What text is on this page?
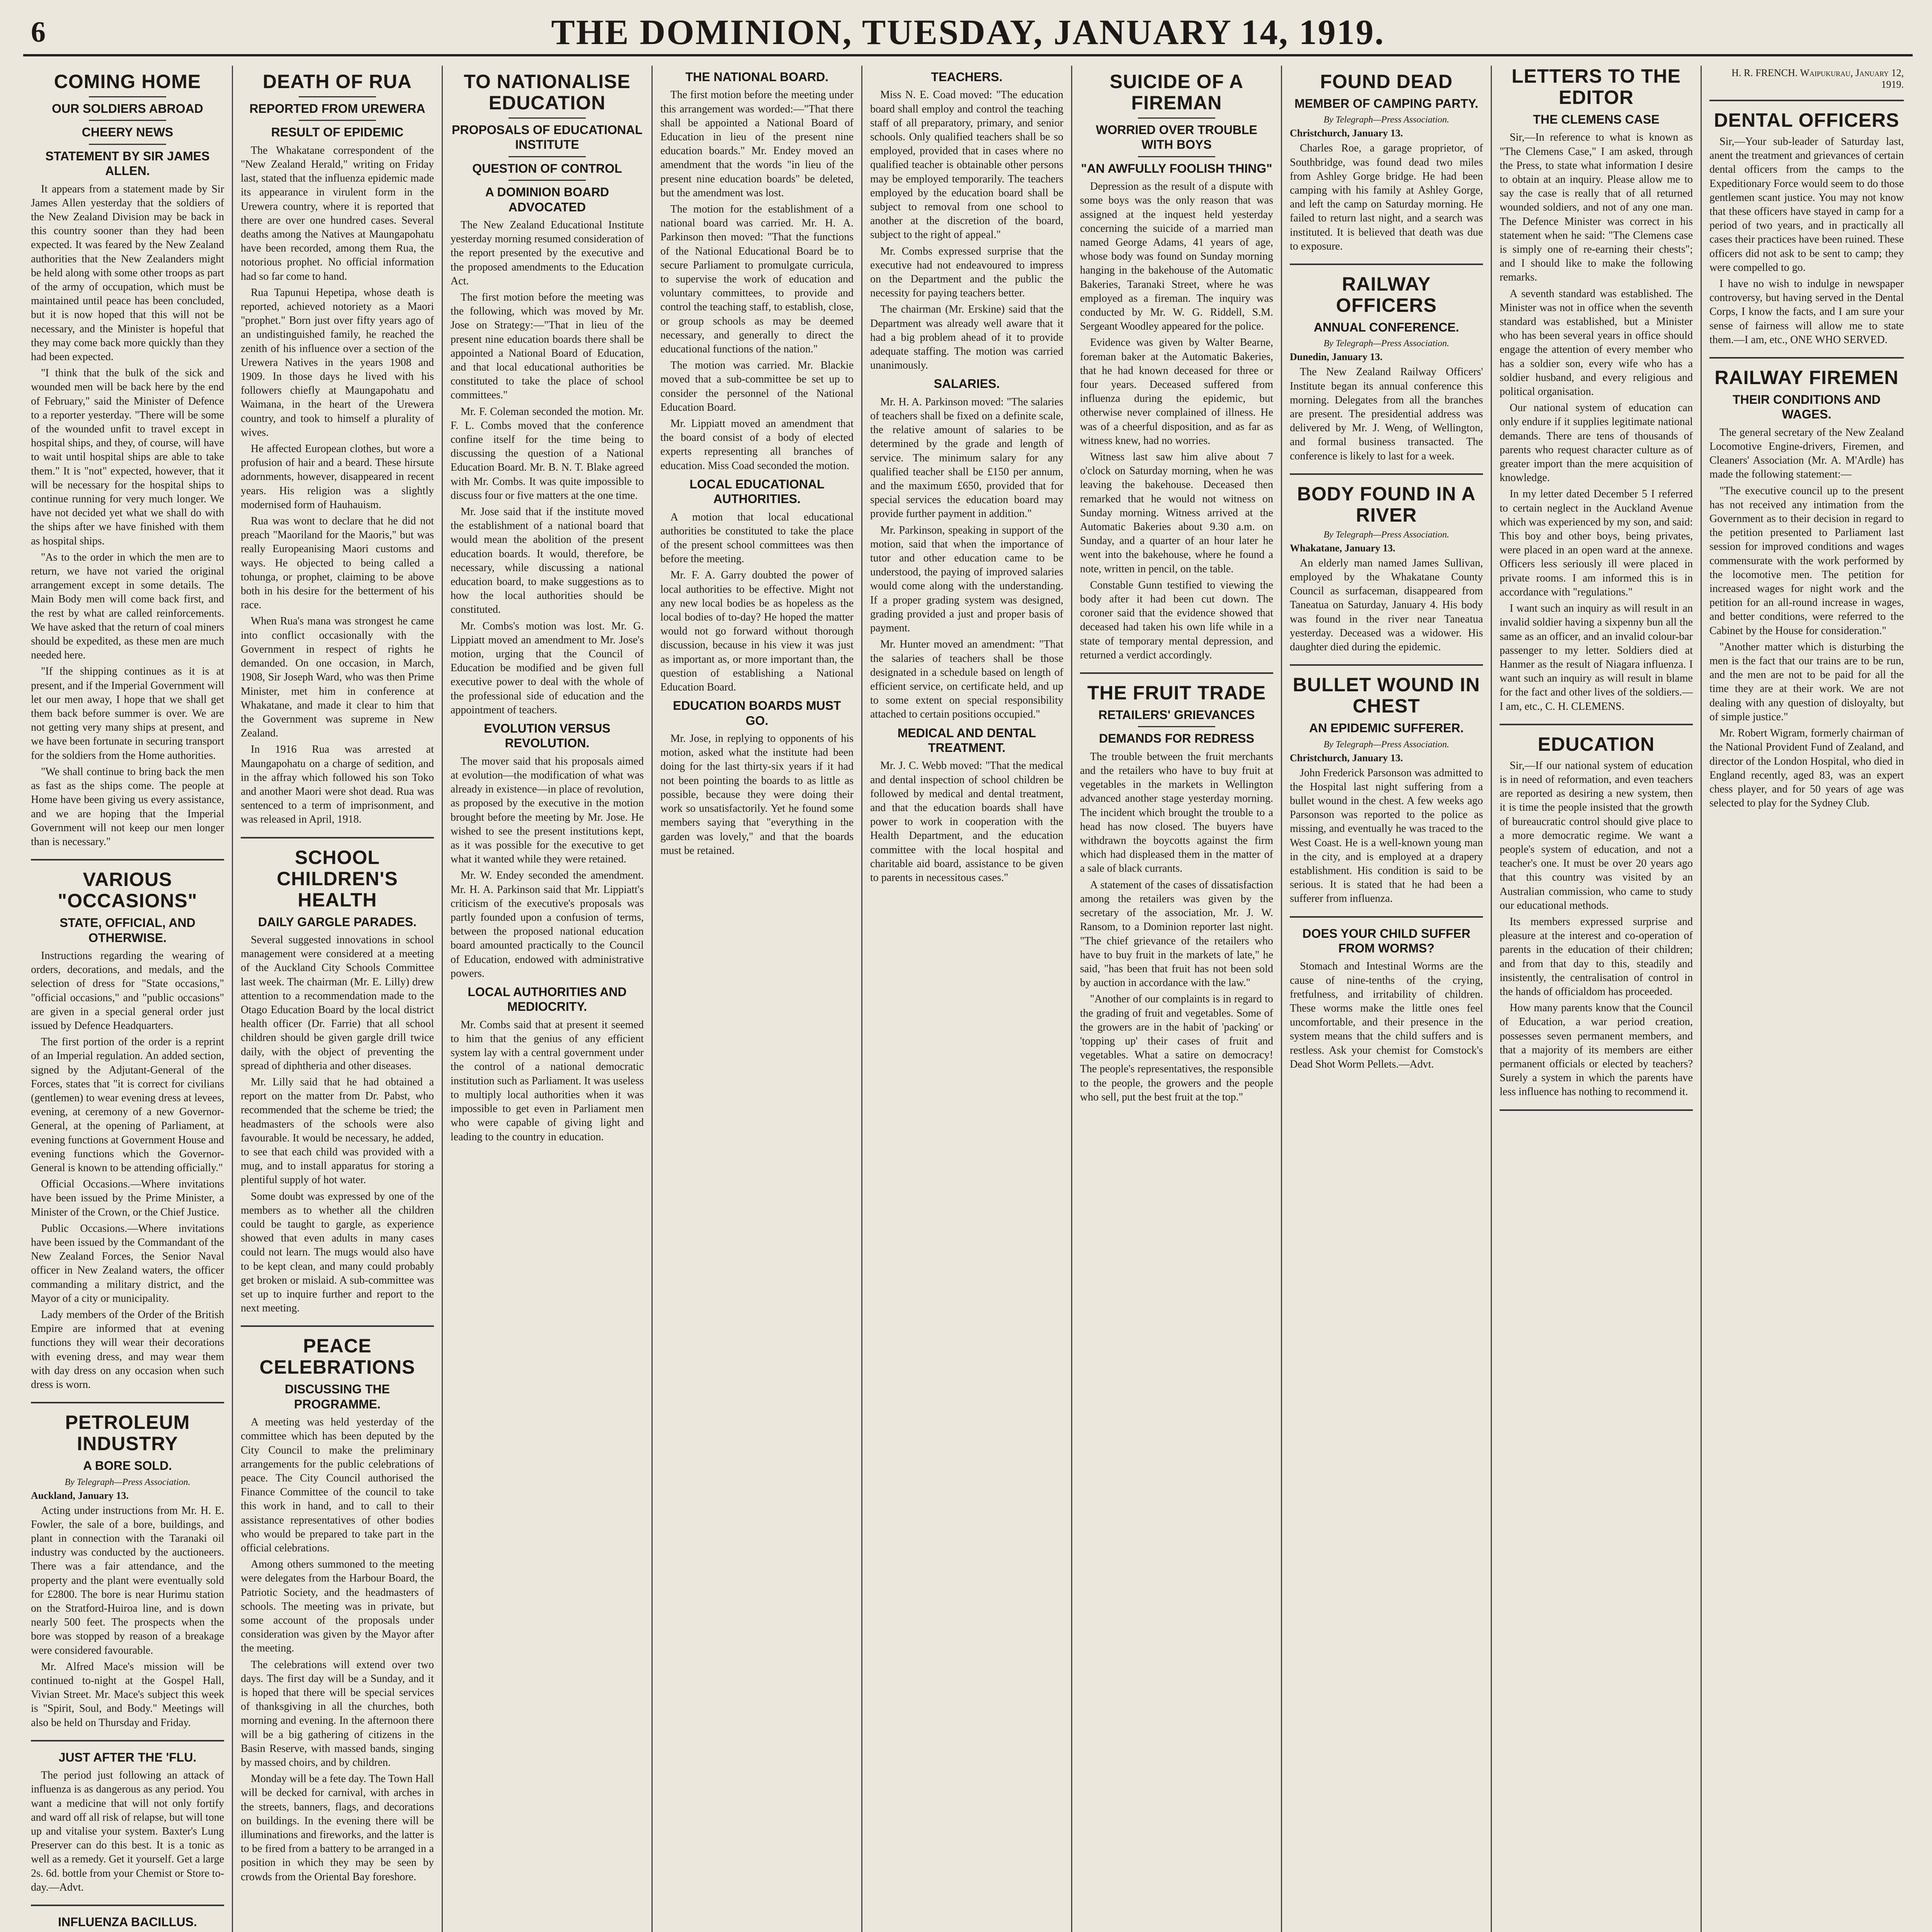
6	THE DOMINION, TUESDAY, JANUARY 14, 1919.
COMING HOME
OUR SOLDIERS ABROAD
CHEERY NEWS
STATEMENT BY SIR JAMES ALLEN.

It appears from a statement made by Sir James Allen yesterday that the soldiers of the New Zealand Division may be back in this country sooner than they had been expected. It was feared by the New Zealand authorities that the New Zealanders might be held along with some other troops as part of the army of occupation, which must be maintained until peace has been concluded, but it is now hoped that this will not be necessary, and the Minister is hopeful that they may come back more quickly than they had been expected.

"I think that the bulk of the sick and wounded men will be back here by the end of February," said the Minister of Defence to a reporter yesterday. "There will be some of the wounded unfit to travel except in hospital ships, and they, of course, will have to wait until hospital ships are able to take them." It is "not" expected, however, that it will be necessary for the hospital ships to continue running for very much longer. We have not decided yet what we shall do with the ships after we have finished with them as hospital ships.

"As to the order in which the men are to return, we have not varied the original arrangement except in some details. The Main Body men will come back first, and the rest by what are called reinforcements. We have asked that the return of coal miners should be expedited, as these men are much needed here.

"If the shipping continues as it is at present, and if the Imperial Government will let our men away, I hope that we shall get them back before summer is over. We are not getting very many ships at present, and we have been fortunate in securing transport for the soldiers from the Home authorities.

"We shall continue to bring back the men as fast as the ships come. The people at Home have been giving us every assistance, and we are hoping that the Imperial Government will not keep our men longer than is necessary."

VARIOUS "OCCASIONS"
STATE, OFFICIAL, AND OTHERWISE.

Instructions regarding the wearing of orders, decorations, and medals, and the selection of dress for "State occasions," "official occasions," and "public occasions" are given in a special general order just issued by Defence Headquarters.

The first portion of the order is a reprint of an Imperial regulation. An added section, signed by the Adjutant-General of the Forces, states that "it is correct for civilians (gentlemen) to wear evening dress at levees, evening, at ceremony of a new Governor-General, at the opening of Parliament, at evening functions at Government House and evening functions which the Governor-General is known to be attending officially."

Official Occasions.—Where invitations have been issued by the Prime Minister, a Minister of the Crown, or the Chief Justice.

Public Occasions.—Where invitations have been issued by the Commandant of the New Zealand Forces, the Senior Naval officer in New Zealand waters, the officer commanding a military district, and the Mayor of a city or municipality.

Lady members of the Order of the British Empire are informed that at evening functions they will wear their decorations with evening dress, and may wear them with day dress on any occasion when such dress is worn.

PETROLEUM INDUSTRY
A BORE SOLD.
By Telegraph—Press Association.
Auckland, January 13.

Acting under instructions from Mr. H. E. Fowler, the sale of a bore, buildings, and plant in connection with the Taranaki oil industry was conducted by the auctioneers. There was a fair attendance, and the property and the plant were eventually sold for £2800. The bore is near Hurimu station on the Stratford-Huiroa line, and is down nearly 500 feet. The prospects when the bore was stopped by reason of a breakage were considered favourable.

Mr. Alfred Mace's mission will be continued to-night at the Gospel Hall, Vivian Street. Mr. Mace's subject this week is "Spirit, Soul, and Body." Meetings will also be held on Thursday and Friday.

JUST AFTER THE 'FLU.

The period just following an attack of influenza is as dangerous as any period. You want a medicine that will not only fortify and ward off all risk of relapse, but will tone up and vitalise your system. Baxter's Lung Preserver can do this best. It is a tonic as well as a remedy. Get it yourself. Get a large 2s. 6d. bottle from your Chemist or Store to-day.—Advt.

INFLUENZA BACILLUS.

DEATH OF RUA
REPORTED FROM UREWERA
RESULT OF EPIDEMIC

The Whakatane correspondent of the "New Zealand Herald," writing on Friday last, stated that the influenza epidemic made its appearance in virulent form in the Urewera country, where it is reported that there are over one hundred cases. Several deaths among the Natives at Maungapohatu have been recorded, among them Rua, the notorious prophet. No official information had so far come to hand.

Rua Tapunui Hepetipa, whose death is reported, achieved notoriety as a Maori "prophet." Born just over fifty years ago of an undistinguished family, he reached the zenith of his influence over a section of the Urewera Natives in the years 1908 and 1909. In those days he lived with his followers chiefly at Maungapohatu and Waimana, in the heart of the Urewera country, and took to himself a plurality of wives.

He affected European clothes, but wore a profusion of hair and a beard. These hirsute adornments, however, disappeared in recent years. His religion was a slightly modernised form of Hauhauism.

Rua was wont to declare that he did not preach "Maoriland for the Maoris," but was really Europeanising Maori customs and ways. He objected to being called a tohunga, or prophet, claiming to be above both in his desire for the betterment of his race.

When Rua's mana was strongest he came into conflict occasionally with the Government in respect of rights he demanded. On one occasion, in March, 1908, Sir Joseph Ward, who was then Prime Minister, met him in conference at Whakatane, and made it clear to him that the Government was supreme in New Zealand.

In 1916 Rua was arrested at Maungapohatu on a charge of sedition, and in the affray which followed his son Toko and another Maori were shot dead. Rua was sentenced to a term of imprisonment, and was released in April, 1918.

SCHOOL CHILDREN'S HEALTH
DAILY GARGLE PARADES.

Several suggested innovations in school management were considered at a meeting of the Auckland City Schools Committee last week. The chairman (Mr. E. Lilly) drew attention to a recommendation made to the Otago Education Board by the local district health officer (Dr. Farrie) that all school children should be given gargle drill twice daily, with the object of preventing the spread of diphtheria and other diseases.

Mr. Lilly said that he had obtained a report on the matter from Dr. Pabst, who recommended that the scheme be tried; the headmasters of the schools were also favourable. It would be necessary, he added, to see that each child was provided with a mug, and to install apparatus for storing a plentiful supply of hot water.

Some doubt was expressed by one of the members as to whether all the children could be taught to gargle, as experience showed that even adults in many cases could not learn. The mugs would also have to be kept clean, and many could probably get broken or mislaid. A sub-committee was set up to inquire further and report to the next meeting.

PEACE CELEBRATIONS
DISCUSSING THE PROGRAMME.

A meeting was held yesterday of the committee which has been deputed by the City Council to make the preliminary arrangements for the public celebrations of peace. The City Council authorised the Finance Committee of the council to take this work in hand, and to call to their assistance representatives of other bodies who would be prepared to take part in the official celebrations.

Among others summoned to the meeting were delegates from the Harbour Board, the Patriotic Society, and the headmasters of schools. The meeting was in private, but some account of the proposals under consideration was given by the Mayor after the meeting.

The celebrations will extend over two days. The first day will be a Sunday, and it is hoped that there will be special services of thanksgiving in all the churches, both morning and evening. In the afternoon there will be a big gathering of citizens in the Basin Reserve, with massed bands, singing by massed choirs, and by children.

Monday will be a fete day. The Town Hall will be decked for carnival, with arches in the streets, banners, flags, and decorations on buildings. In the evening there will be illuminations and fireworks, and the latter is to be fired from a battery to be arranged in a position in which they may be seen by crowds from the Oriental Bay foreshore.

TO NATIONALISE EDUCATION
PROPOSALS OF EDUCATIONAL INSTITUTE
QUESTION OF CONTROL
A DOMINION BOARD ADVOCATED

The New Zealand Educational Institute yesterday morning resumed consideration of the report presented by the executive and the proposed amendments to the Education Act.

The first motion before the meeting was the following, which was moved by Mr. Jose on Strategy:—"That in lieu of the present nine education boards there shall be appointed a National Board of Education, and that local educational authorities be constituted to take the place of school committees."

Mr. F. Coleman seconded the motion. Mr. F. L. Combs moved that the conference confine itself for the time being to discussing the question of a National Education Board. Mr. B. N. T. Blake agreed with Mr. Combs. It was quite impossible to discuss four or five matters at the one time.

Mr. Jose said that if the institute moved the establishment of a national board that would mean the abolition of the present education boards. It would, therefore, be necessary, while discussing a national education board, to make suggestions as to how the local authorities should be constituted.

Mr. Combs's motion was lost. Mr. G. Lippiatt moved an amendment to Mr. Jose's motion, urging that the Council of Education be modified and be given full executive power to deal with the whole of the professional side of education and the appointment of teachers.

EVOLUTION VERSUS REVOLUTION.

The mover said that his proposals aimed at evolution—the modification of what was already in existence—in place of revolution, as proposed by the executive in the motion brought before the meeting by Mr. Jose. He wished to see the present institutions kept, as it was possible for the executive to get what it wanted while they were retained.

Mr. W. Endey seconded the amendment. Mr. H. A. Parkinson said that Mr. Lippiatt's criticism of the executive's proposals was partly founded upon a confusion of terms, between the proposed national education board amounted practically to the Council of Education, endowed with administrative powers.

LOCAL AUTHORITIES AND MEDIOCRITY.

Mr. Combs said that at present it seemed to him that the genius of any efficient system lay with a central government under the control of a national democratic institution such as Parliament. It was useless to multiply local authorities when it was impossible to get even in Parliament men who were capable of giving light and leading to the country in education.

THE NATIONAL BOARD.

The first motion before the meeting under this arrangement was worded:—"That there shall be appointed a National Board of Education in lieu of the present nine education boards." Mr. Endey moved an amendment that the words "in lieu of the present nine education boards" be deleted, but the amendment was lost.

The motion for the establishment of a national board was carried. Mr. H. A. Parkinson then moved: "That the functions of the National Educational Board be to secure Parliament to promulgate curricula, to supervise the work of education and voluntary committees, to provide and control the teaching staff, to establish, close, or group schools as may be deemed necessary, and generally to direct the educational functions of the nation."

The motion was carried. Mr. Blackie moved that a sub-committee be set up to consider the personnel of the National Education Board.

Mr. Lippiatt moved an amendment that the board consist of a body of elected experts representing all branches of education. Miss Coad seconded the motion.

LOCAL EDUCATIONAL AUTHORITIES.

A motion that local educational authorities be constituted to take the place of the present school committees was then before the meeting.

Mr. F. A. Garry doubted the power of local authorities to be effective. Might not any new local bodies be as hopeless as the local bodies of to-day? He hoped the matter would not go forward without thorough discussion, because in his view it was just as important as, or more important than, the question of establishing a National Education Board.

EDUCATION BOARDS MUST GO.

Mr. Jose, in replying to opponents of his motion, asked what the institute had been doing for the last thirty-six years if it had not been pointing the boards to as little as possible, because they were doing their work so unsatisfactorily. Yet he found some members saying that "everything in the garden was lovely," and that the boards must be retained.

TEACHERS.

Miss N. E. Coad moved: "The education board shall employ and control the teaching staff of all preparatory, primary, and senior schools. Only qualified teachers shall be so employed, provided that in cases where no qualified teacher is obtainable other persons may be employed temporarily. The teachers employed by the education board shall be subject to removal from one school to another at the discretion of the board, subject to the right of appeal."

Mr. Combs expressed surprise that the executive had not endeavoured to impress on the Department and the public the necessity for paying teachers better.

The chairman (Mr. Erskine) said that the Department was already well aware that it had a big problem ahead of it to provide adequate staffing. The motion was carried unanimously.

SALARIES.

Mr. H. A. Parkinson moved: "The salaries of teachers shall be fixed on a definite scale, the relative amount of salaries to be determined by the grade and length of service. The minimum salary for any qualified teacher shall be £150 per annum, and the maximum £650, provided that for special services the education board may provide further payment in addition."

Mr. Parkinson, speaking in support of the motion, said that when the importance of tutor and other education came to be understood, the paying of improved salaries would come along with the understanding. If a proper grading system was designed, grading provided a just and proper basis of payment.

Mr. Hunter moved an amendment: "That the salaries of teachers shall be those designated in a schedule based on length of efficient service, on certificate held, and up to some extent on special responsibility attached to certain positions occupied."

MEDICAL AND DENTAL TREATMENT.

Mr. J. C. Webb moved: "That the medical and dental inspection of school children be followed by medical and dental treatment, and that the education boards shall have power to work in cooperation with the Health Department, and the education committee with the local hospital and charitable aid board, assistance to be given to parents in necessitous cases."

SUICIDE OF A FIREMAN
WORRIED OVER TROUBLE WITH BOYS
"AN AWFULLY FOOLISH THING"

Depression as the result of a dispute with some boys was the only reason that was assigned at the inquest held yesterday concerning the suicide of a married man named George Adams, 41 years of age, whose body was found on Sunday morning hanging in the bakehouse of the Automatic Bakeries, Taranaki Street, where he was employed as a fireman. The inquiry was conducted by Mr. W. G. Riddell, S.M. Sergeant Woodley appeared for the police.

Evidence was given by Walter Bearne, foreman baker at the Automatic Bakeries, that he had known deceased for three or four years. Deceased suffered from influenza during the epidemic, but otherwise never complained of illness. He was of a cheerful disposition, and as far as witness knew, had no worries.

Witness last saw him alive about 7 o'clock on Saturday morning, when he was leaving the bakehouse. Deceased then remarked that he would not witness on Sunday morning. Witness arrived at the Automatic Bakeries about 9.30 a.m. on Sunday, and a quarter of an hour later he went into the bakehouse, where he found a note, written in pencil, on the table.

Constable Gunn testified to viewing the body after it had been cut down. The coroner said that the evidence showed that deceased had taken his own life while in a state of temporary mental depression, and returned a verdict accordingly.

THE FRUIT TRADE
RETAILERS' GRIEVANCES
DEMANDS FOR REDRESS

The trouble between the fruit merchants and the retailers who have to buy fruit at vegetables in the markets in Wellington advanced another stage yesterday morning. The incident which brought the trouble to a head has now closed. The buyers have withdrawn the boycotts against the firm which had displeased them in the matter of a sale of black currants.

A statement of the cases of dissatisfaction among the retailers was given by the secretary of the association, Mr. J. W. Ransom, to a Dominion reporter last night. "The chief grievance of the retailers who have to buy fruit in the markets of late," he said, "has been that fruit has not been sold by auction in accordance with the law."

"Another of our complaints is in regard to the grading of fruit and vegetables. Some of the growers are in the habit of 'packing' or 'topping up' their cases of fruit and vegetables. What a satire on democracy! The people's representatives, the responsible to the people, the growers and the people who sell, put the best fruit at the top."

FOUND DEAD
MEMBER OF CAMPING PARTY.
By Telegraph—Press Association.
Christchurch, January 13.

Charles Roe, a garage proprietor, of Southbridge, was found dead two miles from Ashley Gorge bridge. He had been camping with his family at Ashley Gorge, and left the camp on Saturday morning. He failed to return last night, and a search was instituted. It is believed that death was due to exposure.

RAILWAY OFFICERS
ANNUAL CONFERENCE.
By Telegraph—Press Association.
Dunedin, January 13.

The New Zealand Railway Officers' Institute began its annual conference this morning. Delegates from all the branches are present. The presidential address was delivered by Mr. J. Weng, of Wellington, and formal business transacted. The conference is likely to last for a week.

BODY FOUND IN A RIVER
By Telegraph—Press Association.
Whakatane, January 13.

An elderly man named James Sullivan, employed by the Whakatane County Council as surfaceman, disappeared from Taneatua on Saturday, January 4. His body was found in the river near Taneatua yesterday. Deceased was a widower. His daughter died during the epidemic.

BULLET WOUND IN CHEST
AN EPIDEMIC SUFFERER.
By Telegraph—Press Association.
Christchurch, January 13.

John Frederick Parsonson was admitted to the Hospital last night suffering from a bullet wound in the chest. A few weeks ago Parsonson was reported to the police as missing, and eventually he was traced to the West Coast. He is a well-known young man in the city, and is employed at a drapery establishment. His condition is said to be serious. It is stated that he had been a sufferer from influenza.

DOES YOUR CHILD SUFFER FROM WORMS?

Stomach and Intestinal Worms are the cause of nine-tenths of the crying, fretfulness, and irritability of children. These worms make the little ones feel uncomfortable, and their presence in the system means that the child suffers and is restless. Ask your chemist for Comstock's Dead Shot Worm Pellets.—Advt.

LETTERS TO THE EDITOR
THE CLEMENS CASE

Sir,—In reference to what is known as "The Clemens Case," I am asked, through the Press, to state what information I desire to obtain at an inquiry. Please allow me to say the case is really that of all returned wounded soldiers, and not of any one man. The Defence Minister was correct in his statement when he said: "The Clemens case is simply one of re-earning their chests"; and I should like to make the following remarks.

A seventh standard was established. The Minister was not in office when the seventh standard was established, but a Minister who has been several years in office should engage the attention of every member who has a soldier son, every wife who has a soldier husband, and every religious and political organisation.

Our national system of education can only endure if it supplies legitimate national demands. There are tens of thousands of parents who request character culture as of greater import than the mere acquisition of knowledge.

In my letter dated December 5 I referred to certain neglect in the Auckland Avenue which was experienced by my son, and said: This boy and other boys, being privates, were placed in an open ward at the annexe. Officers less seriously ill were placed in private rooms. I am informed this is in accordance with "regulations."

I want such an inquiry as will result in an invalid soldier having a sixpenny bun all the same as an officer, and an invalid colour-bar passenger to my letter. Soldiers died at Hanmer as the result of Niagara influenza. I want such an inquiry as will result in blame for the fact and other lives of the soldiers.—I am, etc., C. H. CLEMENS.

EDUCATION

Sir,—If our national system of education is in need of reformation, and even teachers are reported as desiring a new system, then it is time the people insisted that the growth of bureaucratic control should give place to a more democratic regime. We want a people's system of education, and not a teacher's one. It must be over 20 years ago that this country was visited by an Australian commission, who came to study our educational methods.

Its members expressed surprise and pleasure at the interest and co-operation of parents in the education of their children; and from that day to this, steadily and insistently, the centralisation of control in the hands of officialdom has proceeded.

How many parents know that the Council of Education, a war period creation, possesses seven permanent members, and that a majority of its members are either permanent officials or elected by teachers? Surely a system in which the parents have less influence has nothing to recommend it.

H. R. FRENCH. Waipukurau, January 12, 1919.
DENTAL OFFICERS

Sir,—Your sub-leader of Saturday last, anent the treatment and grievances of certain dental officers from the camps to the Expeditionary Force would seem to do those gentlemen scant justice. You may not know that these officers have stayed in camp for a period of two years, and in practically all cases their practices have been ruined. These officers did not ask to be sent to camp; they were compelled to go.

I have no wish to indulge in newspaper controversy, but having served in the Dental Corps, I know the facts, and I am sure your sense of fairness will allow me to state them.—I am, etc., ONE WHO SERVED.

RAILWAY FIREMEN
THEIR CONDITIONS AND WAGES.

The general secretary of the New Zealand Locomotive Engine-drivers, Firemen, and Cleaners' Association (Mr. A. M'Ardle) has made the following statement:—

"The executive council up to the present has not received any intimation from the Government as to their decision in regard to the petition presented to Parliament last session for improved conditions and wages commensurate with the work performed by the locomotive men. The petition for increased wages for night work and the petition for an all-round increase in wages, and better conditions, were referred to the Cabinet by the House for consideration."

"Another matter which is disturbing the men is the fact that our trains are to be run, and the men are not to be paid for all the time they are at their work. We are not dealing with any question of disloyalty, but of simple justice."

Mr. Robert Wigram, formerly chairman of the National Provident Fund of Zealand, and director of the London Hospital, who died in England recently, aged 83, was an expert chess player, and for 50 years of age was selected to play for the Sydney Club.
